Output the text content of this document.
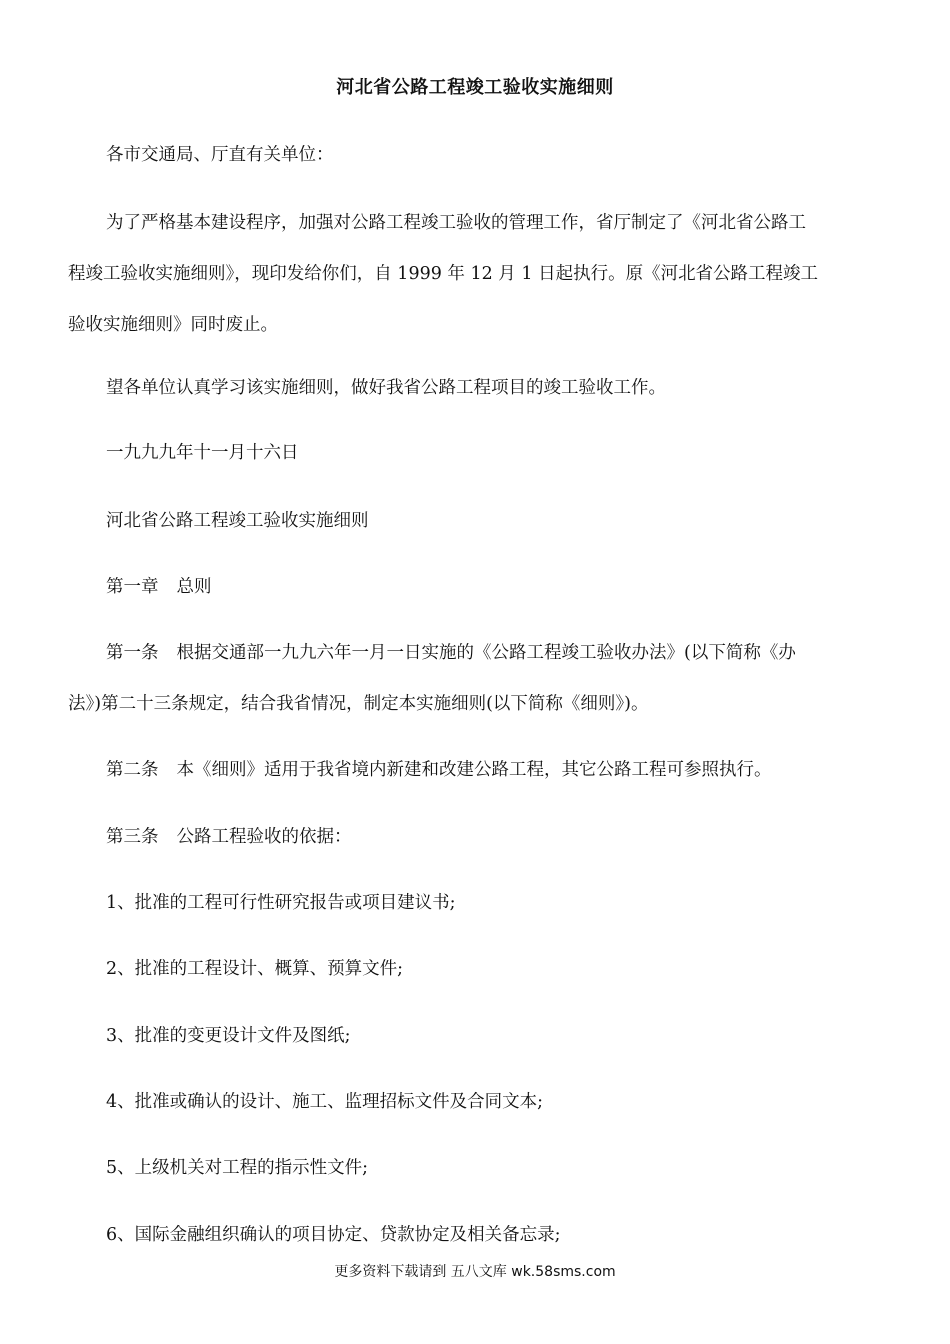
河北省公路工程竣工验收实施细则
各市交通局、厅直有关单位：
为了严格基本建设程序，加强对公路工程竣工验收的管理工作，省厅制定了《河北省公路工
程竣工验收实施细则》，现印发给你们，自 1999 年 12 月 1 日起执行。原《河北省公路工程竣工
验收实施细则》同时废止。
望各单位认真学习该实施细则，做好我省公路工程项目的竣工验收工作。
一九九九年十一月十六日
河北省公路工程竣工验收实施细则
第一章 总则
第一条 根据交通部一九九六年一月一日实施的《公路工程竣工验收办法》(以下简称《办
法》)第二十三条规定，结合我省情况，制定本实施细则(以下简称《细则》)。
第二条 本《细则》适用于我省境内新建和改建公路工程，其它公路工程可参照执行。
第三条 公路工程验收的依据：
1、批准的工程可行性研究报告或项目建议书;
2、批准的工程设计、概算、预算文件;
3、批准的变更设计文件及图纸;
4、批准或确认的设计、施工、监理招标文件及合同文本;
5、上级机关对工程的指示性文件;
6、国际金融组织确认的项目协定、贷款协定及相关备忘录;
更多资料下载请到 五八文库 wk.58sms.com
